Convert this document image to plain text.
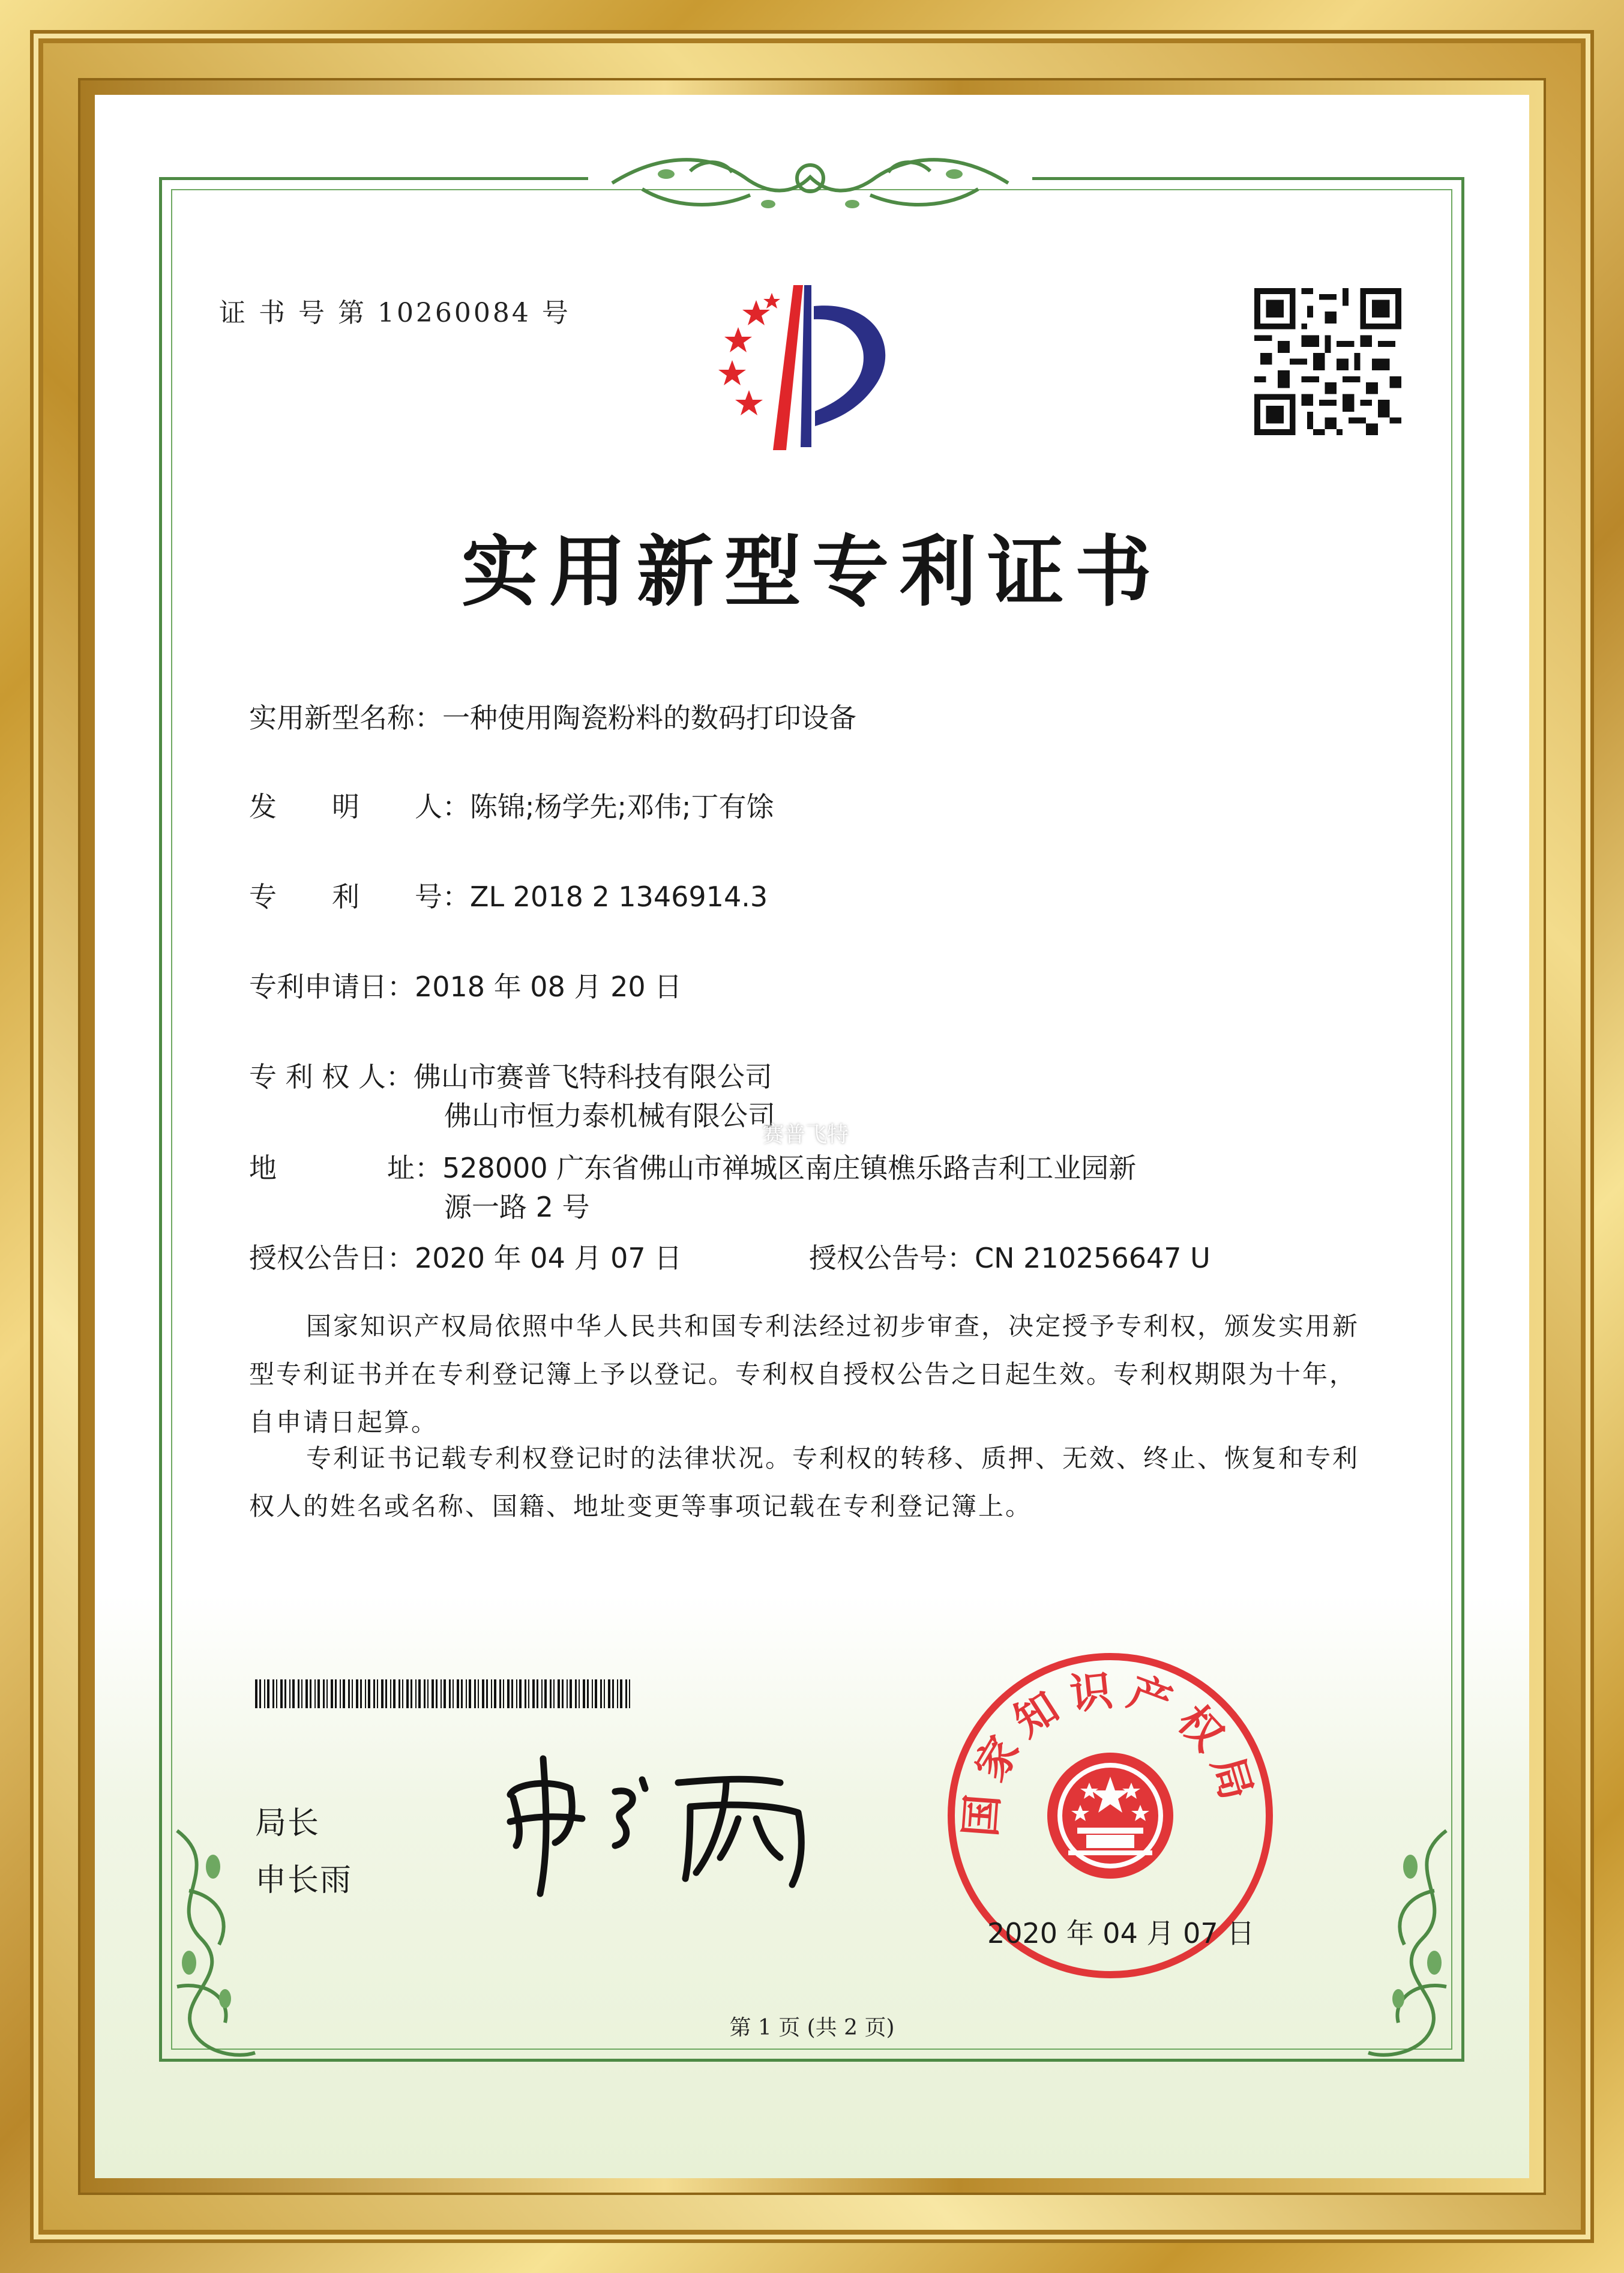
证 书 号 第 10260084 号
实用新型专利证书
实用新型名称：一种使用陶瓷粉料的数码打印设备
发　　明　　人：陈锦;杨学先;邓伟;丁有馀
专　　利　　号：ZL 2018 2 1346914.3
专利申请日：2018 年 08 月 20 日
专 利 权 人：佛山市赛普飞特科技有限公司
佛山市恒力泰机械有限公司
赛普飞特
地　　　　址：528000 广东省佛山市禅城区南庄镇樵乐路吉利工业园新
源一路 2 号
授权公告日：2020 年 04 月 07 日	授权公告号：CN 210256647 U
国家知识产权局依照中华人民共和国专利法经过初步审查，决定授予专利权，颁发实用新型专利证书并在专利登记簿上予以登记。专利权自授权公告之日起生效。专利权期限为十年，自申请日起算。
专利证书记载专利权登记时的法律状况。专利权的转移、质押、无效、终止、恢复和专利权人的姓名或名称、国籍、地址变更等事项记载在专利登记簿上。
局长
申长雨
国家知识产权局
2020 年 04 月 07 日
第 1 页 (共 2 页)
